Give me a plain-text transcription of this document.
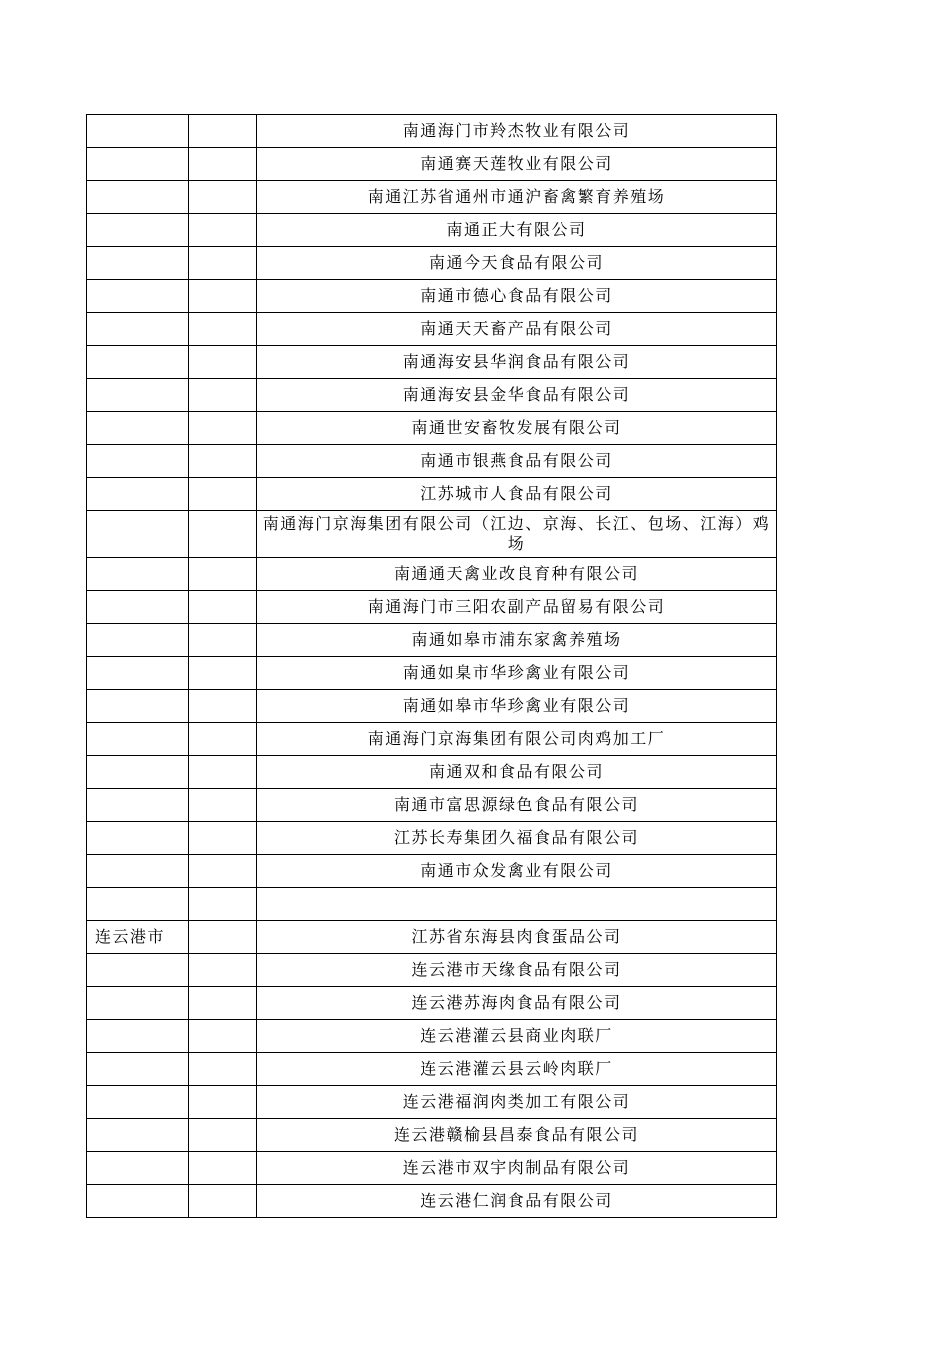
		南通海门市羚杰牧业有限公司
		南通赛天莲牧业有限公司
		南通江苏省通州市通沪畜禽繁育养殖场
		南通正大有限公司
		南通今天食品有限公司
		南通市德心食品有限公司
		南通天天畜产品有限公司
		南通海安县华润食品有限公司
		南通海安县金华食品有限公司
		南通世安畜牧发展有限公司
		南通市银燕食品有限公司
		江苏城市人食品有限公司
		南通海门京海集团有限公司（江边、京海、长江、包场、江海）鸡场
		南通通天禽业改良育种有限公司
		南通海门市三阳农副产品留易有限公司
		南通如皋市浦东家禽养殖场
		南通如臬市华珍禽业有限公司
		南通如皋市华珍禽业有限公司
		南通海门京海集团有限公司肉鸡加工厂
		南通双和食品有限公司
		南通市富思源绿色食品有限公司
		江苏长寿集团久福食品有限公司
		南通市众发禽业有限公司

连云港市		江苏省东海县肉食蛋品公司
		连云港市天缘食品有限公司
		连云港苏海肉食品有限公司
		连云港灌云县商业肉联厂
		连云港灌云县云岭肉联厂
		连云港福润肉类加工有限公司
		连云港赣榆县昌泰食品有限公司
		连云港市双宇肉制品有限公司
		连云港仁润食品有限公司
